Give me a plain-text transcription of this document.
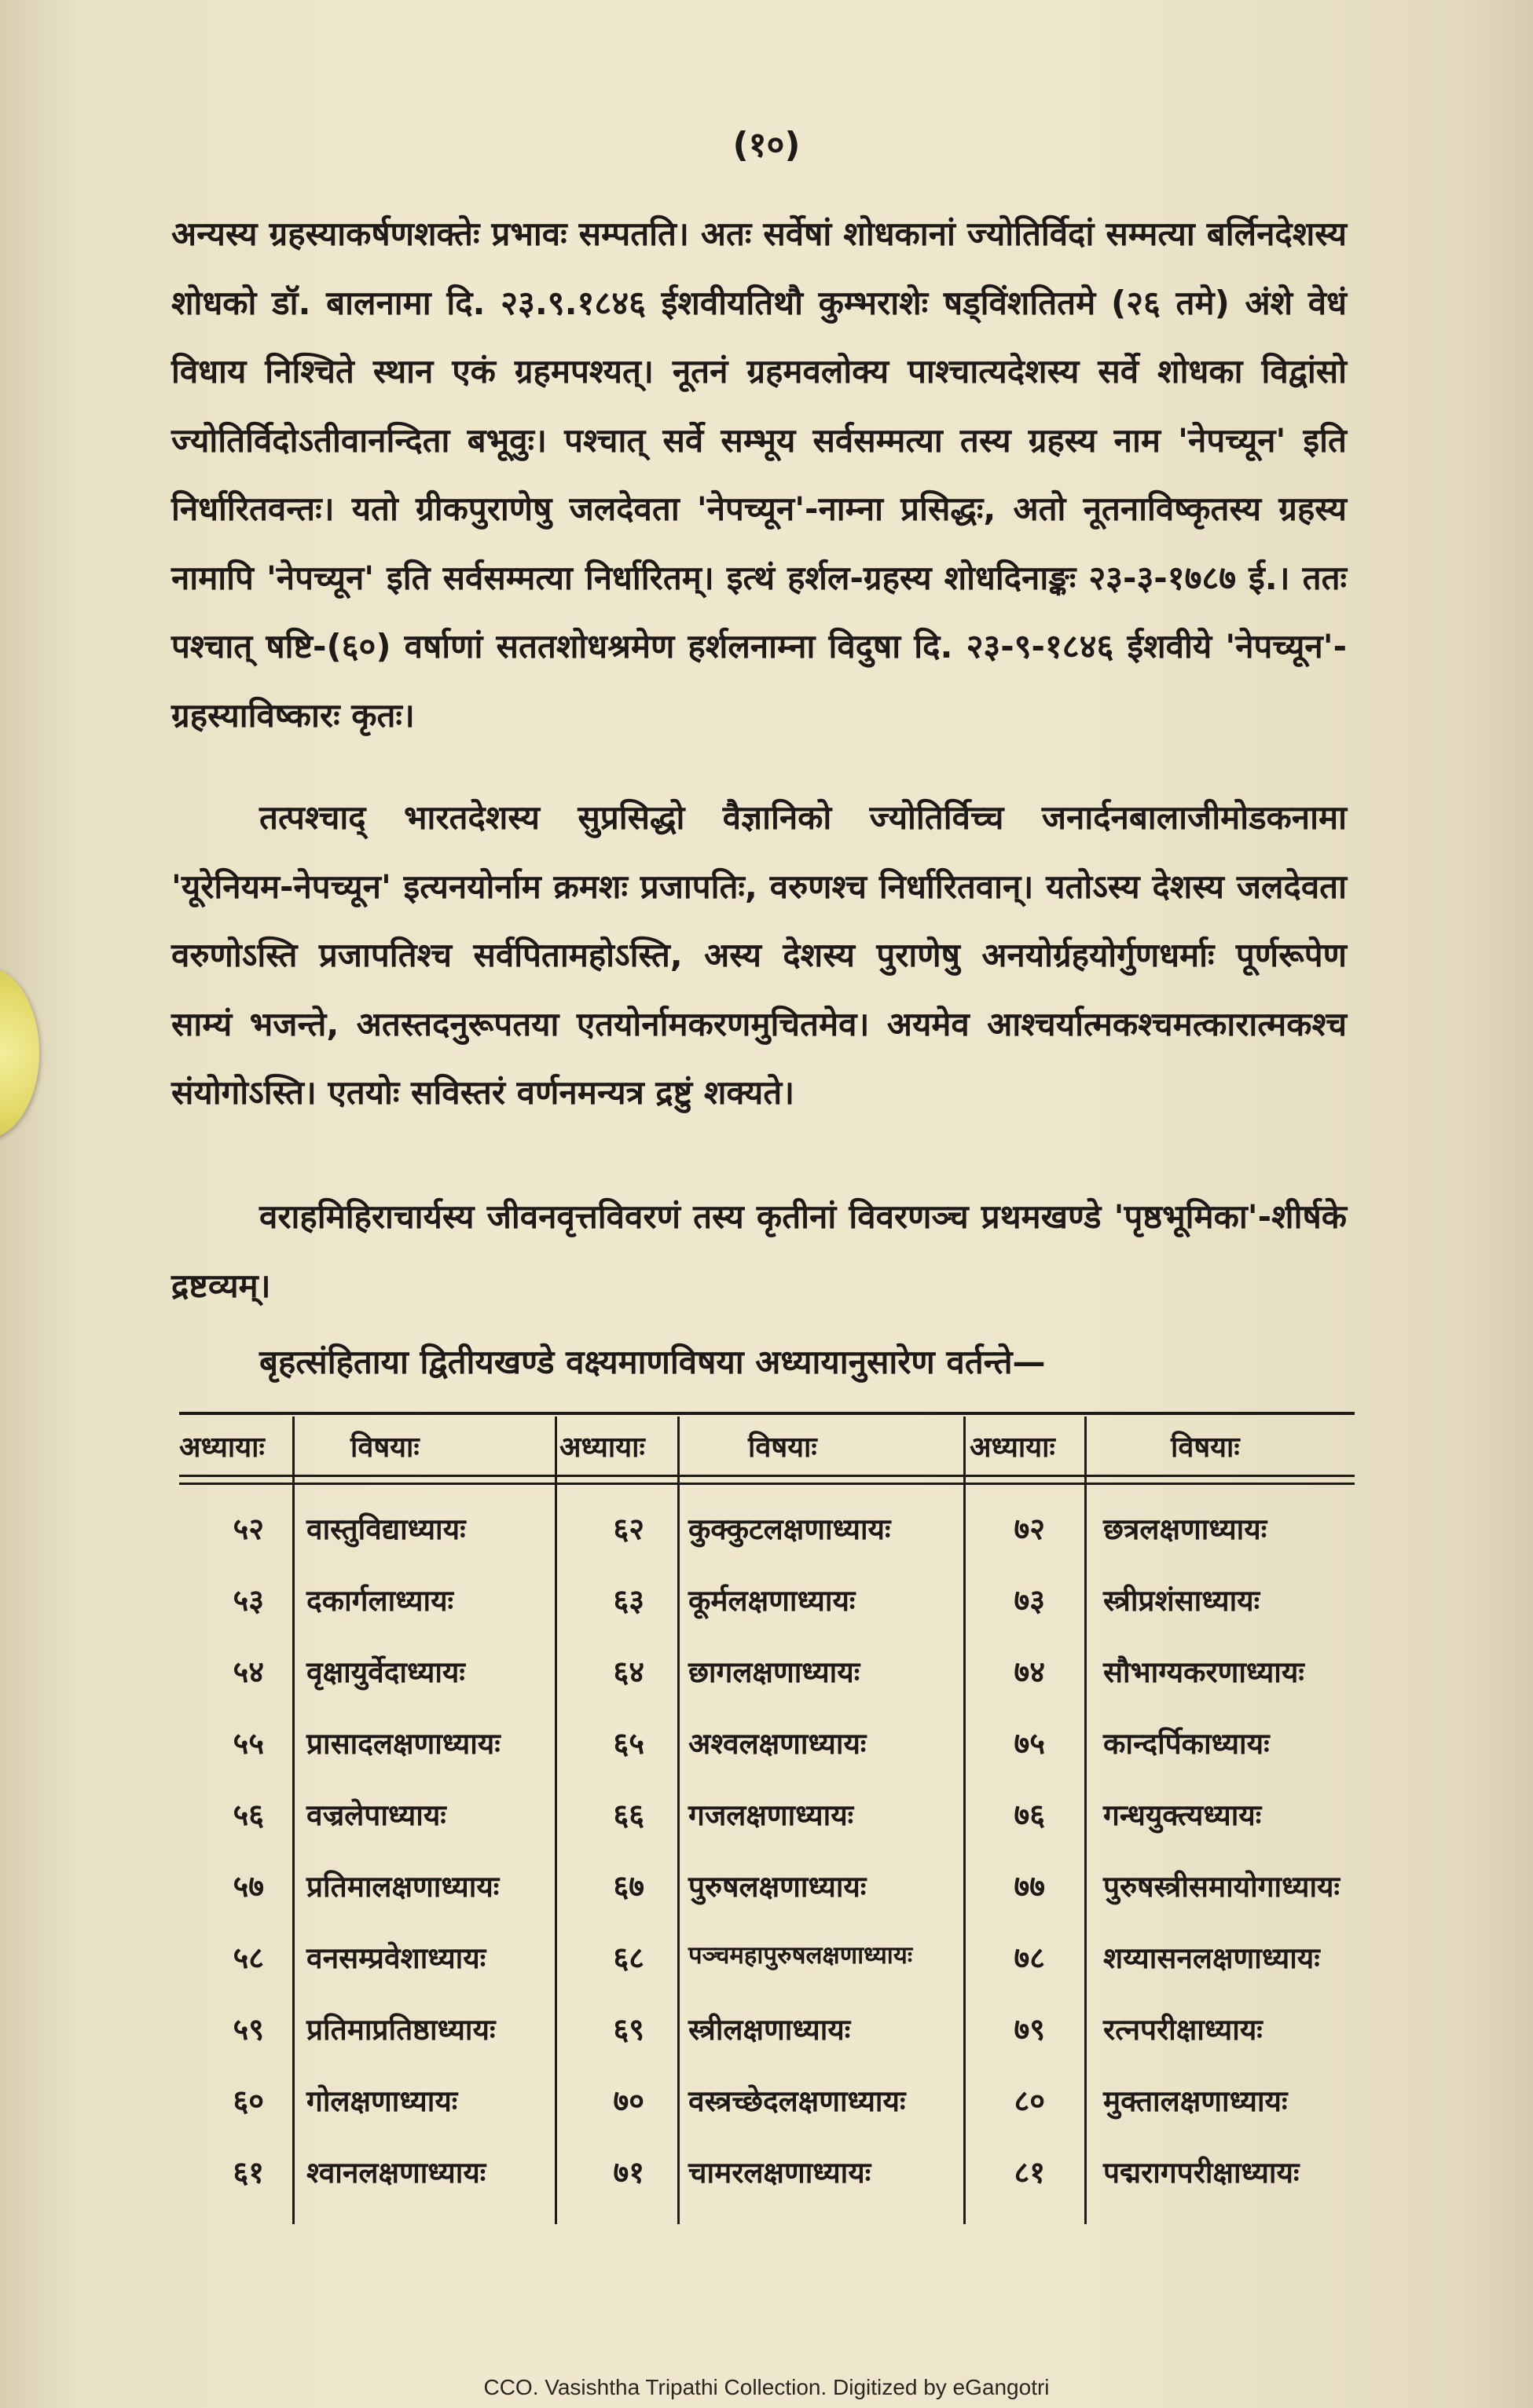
(१०)

अन्यस्य ग्रहस्याकर्षणशक्तेः प्रभावः सम्पतति। अतः सर्वेषां शोधकानां ज्योतिर्विदां सम्मत्या बर्लिनदेशस्य शोधको डॉ. बालनामा दि. २३.९.१८४६ ईशवीयतिथौ कुम्भराशेः षड्विंशतितमे (२६ तमे) अंशे वेधं विधाय निश्चिते स्थान एकं ग्रहमपश्यत्। नूतनं ग्रहमवलोक्य पाश्चात्यदेशस्य सर्वे शोधका विद्वांसो ज्योतिर्विदोऽतीवानन्दिता बभूवुः। पश्चात् सर्वे सम्भूय सर्वसम्मत्या तस्य ग्रहस्य नाम 'नेपच्यून' इति निर्धारितवन्तः। यतो ग्रीकपुराणेषु जलदेवता 'नेपच्यून'-नाम्ना प्रसिद्धः, अतो नूतनाविष्कृतस्य ग्रहस्य नामापि 'नेपच्यून' इति सर्वसम्मत्या निर्धारितम्। इत्थं हर्शल-ग्रहस्य शोधदिनाङ्कः २३-३-१७८७ ई.। ततः पश्चात् षष्टि-(६०) वर्षाणां सततशोधश्रमेण हर्शलनाम्ना विदुषा दि. २३-९-१८४६ ईशवीये 'नेपच्यून'-ग्रहस्याविष्कारः कृतः।

तत्पश्चाद् भारतदेशस्य सुप्रसिद्धो वैज्ञानिको ज्योतिर्विच्च जनार्दनबालाजीमोडकनामा 'यूरेनियम-नेपच्यून' इत्यनयोर्नाम क्रमशः प्रजापतिः, वरुणश्च निर्धारितवान्। यतोऽस्य देशस्य जलदेवता वरुणोऽस्ति प्रजापतिश्च सर्वपितामहोऽस्ति, अस्य देशस्य पुराणेषु अनयोर्ग्रहयोर्गुणधर्माः पूर्णरूपेण साम्यं भजन्ते, अतस्तदनुरूपतया एतयोर्नामकरणमुचितमेव। अयमेव आश्चर्यात्मकश्चमत्कारात्मकश्च संयोगोऽस्ति। एतयोः सविस्तरं वर्णनमन्यत्र द्रष्टुं शक्यते।

वराहमिहिराचार्यस्य जीवनवृत्तविवरणं तस्य कृतीनां विवरणञ्च प्रथमखण्डे 'पृष्ठभूमिका'-शीर्षके द्रष्टव्यम्।

बृहत्संहिताया द्वितीयखण्डे वक्ष्यमाणविषया अध्यायानुसारेण वर्तन्ते—

अध्यायाः	विषयाः	अध्यायाः	विषयाः	अध्यायाः	विषयाः
५२ वास्तुविद्याध्यायः	६२ कुक्कुटलक्षणाध्यायः	७२ छत्रलक्षणाध्यायः
५३ दकार्गलाध्यायः	६३ कूर्मलक्षणाध्यायः	७३ स्त्रीप्रशंसाध्यायः
५४ वृक्षायुर्वेदाध्यायः	६४ छागलक्षणाध्यायः	७४ सौभाग्यकरणाध्यायः
५५ प्रासादलक्षणाध्यायः	६५ अश्वलक्षणाध्यायः	७५ कान्दर्पिकाध्यायः
५६ वज्रलेपाध्यायः	६६ गजलक्षणाध्यायः	७६ गन्धयुक्त्यध्यायः
५७ प्रतिमालक्षणाध्यायः	६७ पुरुषलक्षणाध्यायः	७७ पुरुषस्त्रीसमायोगाध्यायः
५८ वनसम्प्रवेशाध्यायः	६८ पञ्चमहापुरुषलक्षणाध्यायः	७८ शय्यासनलक्षणाध्यायः
५९ प्रतिमाप्रतिष्ठाध्यायः	६९ स्त्रीलक्षणाध्यायः	७९ रत्नपरीक्षाध्यायः
६० गोलक्षणाध्यायः	७० वस्त्रच्छेदलक्षणाध्यायः	८० मुक्तालक्षणाध्यायः
६१ श्वानलक्षणाध्यायः	७१ चामरलक्षणाध्यायः	८१ पद्मरागपरीक्षाध्यायः
CCO. Vasishtha Tripathi Collection. Digitized by eGangotri
